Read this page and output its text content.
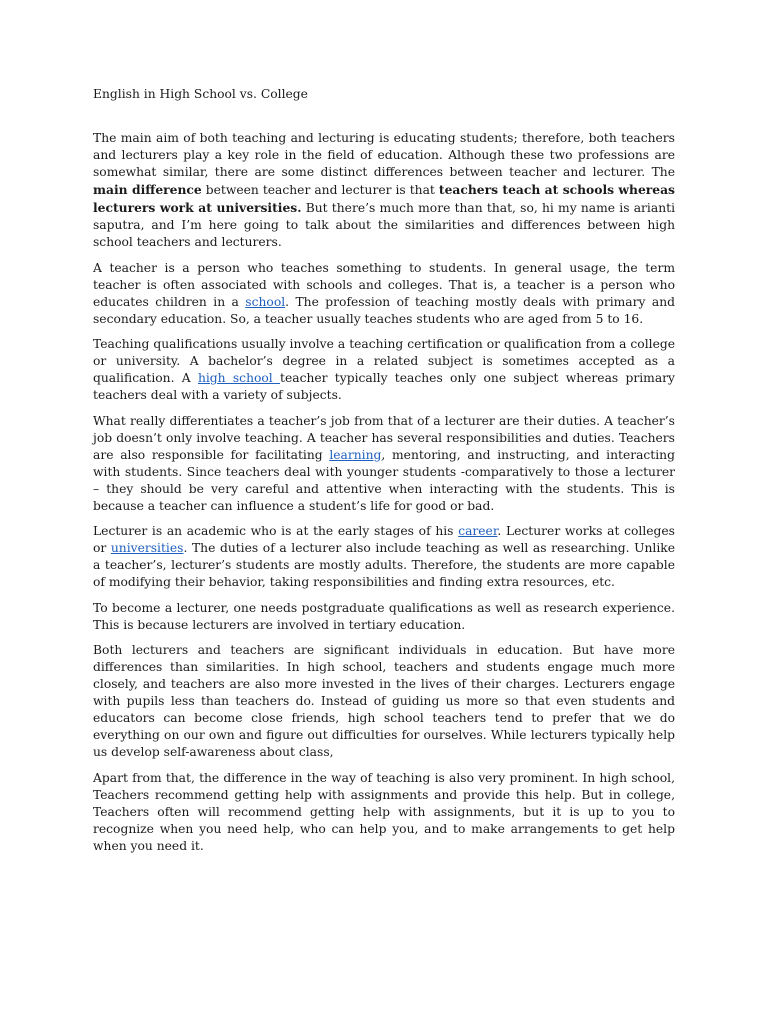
English in High School vs. College

The main aim of both teaching and lecturing is educating students; therefore, both teachers and lecturers play a key role in the field of education. Although these two professions are somewhat similar, there are some distinct differences between teacher and lecturer. The main difference between teacher and lecturer is that teachers teach at schools whereas lecturers work at universities. But there’s much more than that, so, hi my name is arianti saputra, and I’m here going to talk about the similarities and differences between high school teachers and lecturers.

A teacher is a person who teaches something to students. In general usage, the term teacher is often associated with schools and colleges. That is, a teacher is a person who educates children in a school. The profession of teaching mostly deals with primary and secondary education. So, a teacher usually teaches students who are aged from 5 to 16.

Teaching qualifications usually involve a teaching certification or qualification from a college or university. A bachelor’s degree in a related subject is sometimes accepted as a qualification. A high school teacher typically teaches only one subject whereas primary teachers deal with a variety of subjects.

What really differentiates a teacher’s job from that of a lecturer are their duties. A teacher’s job doesn’t only involve teaching. A teacher has several responsibilities and duties. Teachers are also responsible for facilitating learning, mentoring, and instructing, and interacting with students. Since teachers deal with younger students -comparatively to those a lecturer – they should be very careful and attentive when interacting with the students. This is because a teacher can influence a student’s life for good or bad.

Lecturer is an academic who is at the early stages of his career. Lecturer works at colleges or universities. The duties of a lecturer also include teaching as well as researching. Unlike a teacher’s, lecturer’s students are mostly adults. Therefore, the students are more capable of modifying their behavior, taking responsibilities and finding extra resources, etc.

To become a lecturer, one needs postgraduate qualifications as well as research experience. This is because lecturers are involved in tertiary education.

Both lecturers and teachers are significant individuals in education. But have more differences than similarities. In high school, teachers and students engage much more closely, and teachers are also more invested in the lives of their charges. Lecturers engage with pupils less than teachers do. Instead of guiding us more so that even students and educators can become close friends, high school teachers tend to prefer that we do everything on our own and figure out difficulties for ourselves. While lecturers typically help us develop self-awareness about class,

Apart from that, the difference in the way of teaching is also very prominent. In high school, Teachers recommend getting help with assignments and provide this help. But in college, Teachers often will recommend getting help with assignments, but it is up to you to recognize when you need help, who can help you, and to make arrangements to get help when you need it.
